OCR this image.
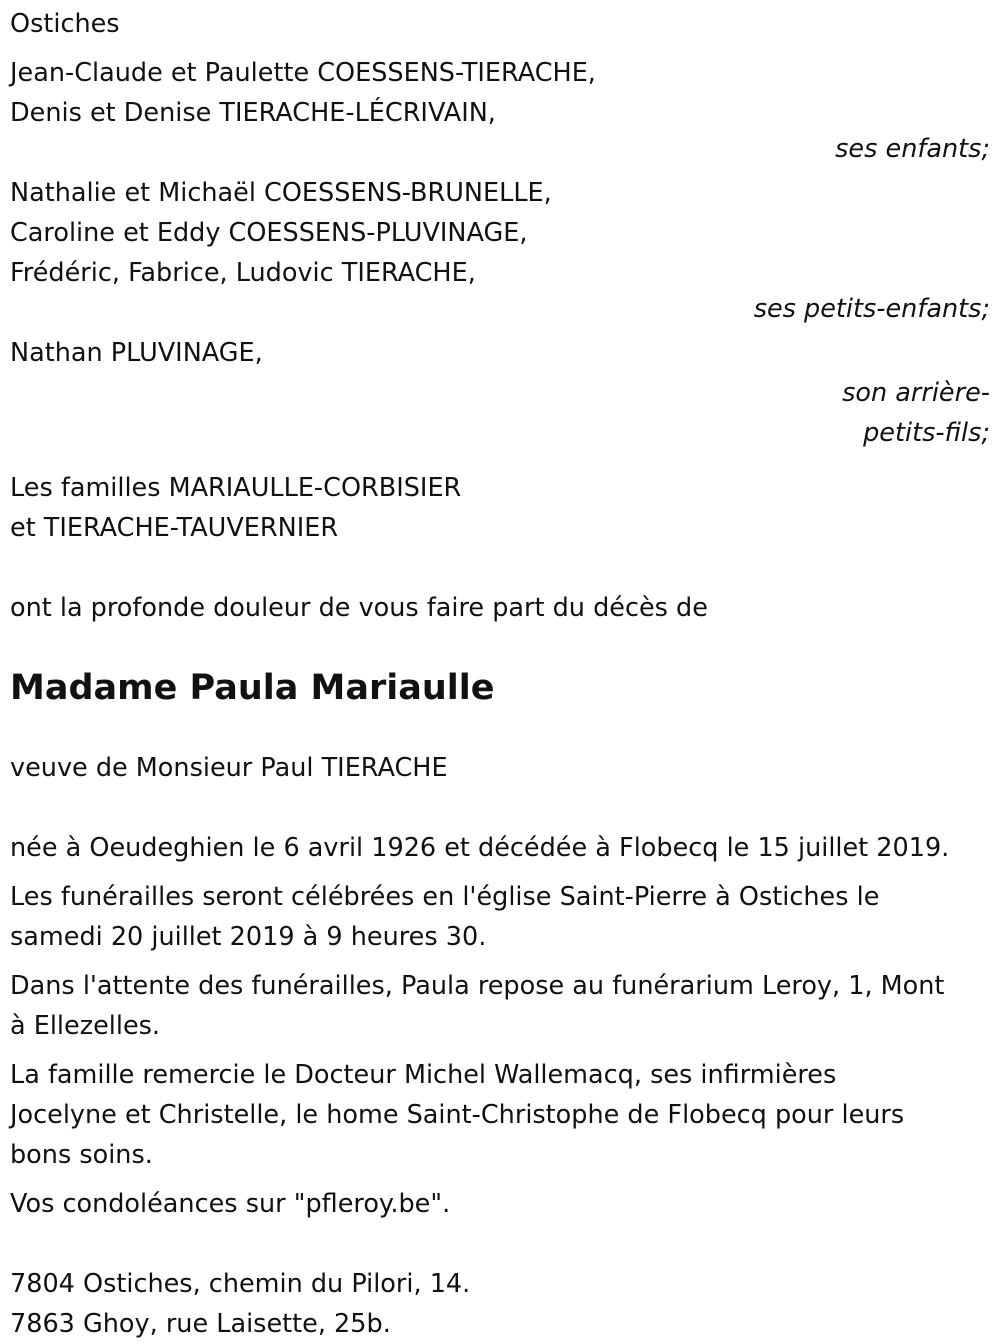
Ostiches
Jean-Claude et Paulette COESSENS-TIERACHE,
Denis et Denise TIERACHE-LÉCRIVAIN,
ses enfants;
Nathalie et Michaël COESSENS-BRUNELLE,
Caroline et Eddy COESSENS-PLUVINAGE,
Frédéric, Fabrice, Ludovic TIERACHE,
ses petits-enfants;
Nathan PLUVINAGE,
son arrière-
petits-fils;
Les familles MARIAULLE-CORBISIER
et TIERACHE-TAUVERNIER
ont la profonde douleur de vous faire part du décès de
Madame Paula Mariaulle
veuve de Monsieur Paul TIERACHE
née à Oeudeghien le 6 avril 1926 et décédée à Flobecq le 15 juillet 2019.
Les funérailles seront célébrées en l'église Saint-Pierre à Ostiches le
samedi 20 juillet 2019 à 9 heures 30.
Dans l'attente des funérailles, Paula repose au funérarium Leroy, 1, Mont
à Ellezelles.
La famille remercie le Docteur Michel Wallemacq, ses infirmières
Jocelyne et Christelle, le home Saint-Christophe de Flobecq pour leurs
bons soins.
Vos condoléances sur "pfleroy.be".
7804 Ostiches, chemin du Pilori, 14.
7863 Ghoy, rue Laisette, 25b.
